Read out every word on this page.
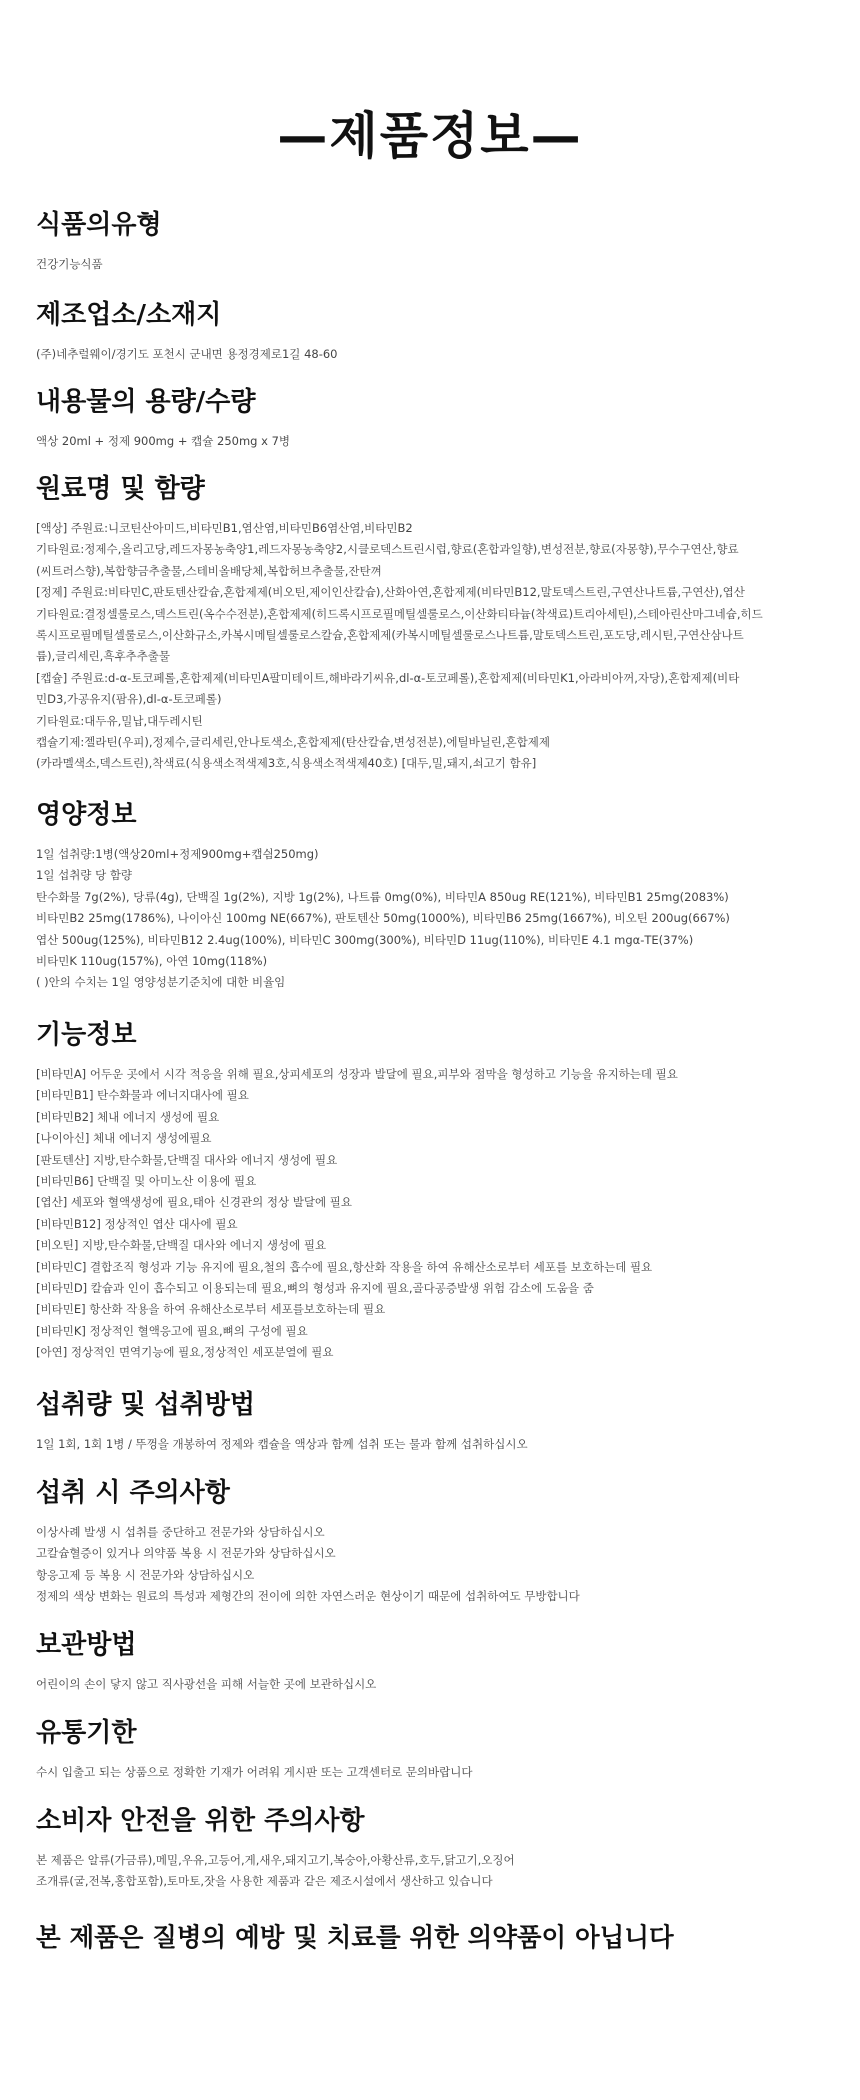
—제품정보—
식품의유형
건강기능식품
제조업소/소재지
(주)네추럴웨이/경기도 포천시 군내면 용정경제로1길 48-60
내용물의 용량/수량
액상 20ml + 정제 900mg + 캡슐 250mg x 7병
원료명 및 함량
[액상] 주원료:니코틴산아미드,비타민B1,염산염,비타민B6염산염,비타민B2
기타원료:정제수,올리고당,레드자몽농축양1,레드자몽농축양2,시클로덱스트린시럽,향료(혼합과일향),변성전분,향료(자몽향),무수구연산,향료
(씨트러스향),복합향금추출물,스테비올배당체,복합허브추출물,잔탄껴
[정제] 주원료:비타민C,판토텐산칼슘,혼합제제(비오틴,제이인산칼슘),산화아연,혼합제제(비타민B12,말토덱스트린,구연산나트륨,구연산),엽산
기타원료:결정셀룰로스,덱스트린(옥수수전분),혼합제제(히드록시프로필메틸셀룰로스,이산화티타늄(착색료)트리아세틴),스테아린산마그네슘,히드
록시프로필메틸셀룰로스,이산화규소,카복시메틸셀룰로스칼슘,혼합제제(카복시메틸셀룰로스나트륨,말토덱스트린,포도당,레시틴,구연산삼나트
륨),글리세린,흑후추추출물
[캡슐] 주원료:d-α-토코페롤,혼합제제(비타민A팔미테이트,해바라기씨유,dl-α-토코페롤),혼합제제(비타민K1,아라비아꺼,자당),혼합제제(비타
민D3,가공유지(팜유),dl-α-토코페롤)
기타원료:대두유,밀납,대두레시틴
캡슐기제:젤라틴(우피),정제수,글리세린,안나토색소,혼합제제(탄산칼슘,변성전분),에틸바닐린,혼합제제
(카라멜색소,덱스트린),착색료(식용색소적색제3호,식용색소적색제40호) [대두,밀,돼지,쇠고기 함유]
영양정보
1일 섭취량:1병(액상20ml+정제900mg+캡싐250mg)
1일 섭취량 당 함량
탄수화물 7g(2%), 당류(4g), 단백질 1g(2%), 지방 1g(2%), 나트륨 0mg(0%), 비타민A 850ug RE(121%), 비타민B1 25mg(2083%)
비타민B2 25mg(1786%), 나이아신 100mg NE(667%), 판토텐산 50mg(1000%), 비타민B6 25mg(1667%), 비오틴 200ug(667%)
엽산 500ug(125%), 비타민B12 2.4ug(100%), 비타민C 300mg(300%), 비타민D 11ug(110%), 비타민E 4.1 mgα-TE(37%)
비타민K 110ug(157%), 아연 10mg(118%)
( )안의 수치는 1일 영양성분기준치에 대한 비율임
기능정보
[비타민A] 어두운 곳에서 시각 적응을 위해 필요,상피세포의 성장과 발달에 필요,피부와 점막을 형성하고 기능을 유지하는데 필요
[비타민B1] 탄수화물과 에너지대사에 필요
[비타민B2] 체내 에너지 생성에 필요
[나이아신] 체내 에너지 생성에필요
[판토텐산] 지방,탄수화물,단백질 대사와 에너지 생성에 필요
[비타민B6] 단백질 및 아미노산 이용에 필요
[엽산] 세포와 혈액생성에 필요,태아 신경관의 정상 발달에 필요
[비타민B12] 정상적인 엽산 대사에 필요
[비오틴] 지방,탄수화물,단백질 대사와 에너지 생성에 필요
[비타민C] 결합조직 형성과 기능 유지에 필요,철의 흡수에 필요,항산화 작용을 하여 유해산소로부터 세포를 보호하는데 필요
[비타민D] 칼슘과 인이 흡수되고 이용되는데 필요,뼈의 형성과 유지에 필요,골다공증발생 위험 감소에 도움을 줌
[비타민E] 항산화 작용을 하여 유해산소로부터 세포를보호하는데 필요
[비타민K] 정상적인 혈액응고에 필요,뼈의 구성에 필요
[아연] 정상적인 면역기능에 필요,정상적인 세포분열에 필요
섭취량 및 섭취방법
1일 1회, 1회 1병 / 뚜껑을 개봉하여 정제와 캡슐을 액상과 함께 섭취 또는 물과 함께 섭취하십시오
섭취 시 주의사항
이상사례 발생 시 섭취를 중단하고 전문가와 상담하십시오
고칼슘혈증이 있거나 의약품 복용 시 전문가와 상담하십시오
항응고제 등 복용 시 전문가와 상담하십시오
정제의 색상 변화는 원료의 특성과 제형간의 전이에 의한 자연스러운 현상이기 때문에 섭취하여도 무방합니다
보관방법
어린이의 손이 닿지 않고 직사광선을 피해 서늘한 곳에 보관하십시오
유통기한
수시 입출고 되는 상품으로 정확한 기재가 어려워 게시판 또는 고객센터로 문의바랍니다
소비자 안전을 위한 주의사항
본 제품은 알류(가금류),메밀,우유,고등어,게,새우,돼지고기,복숭아,아황산류,호두,닭고기,오징어
조개류(굴,전복,홍합포함),토마토,잣을 사용한 제품과 같은 제조시설에서 생산하고 있습니다
본 제품은 질병의 예방 및 치료를 위한 의약품이 아닙니다
